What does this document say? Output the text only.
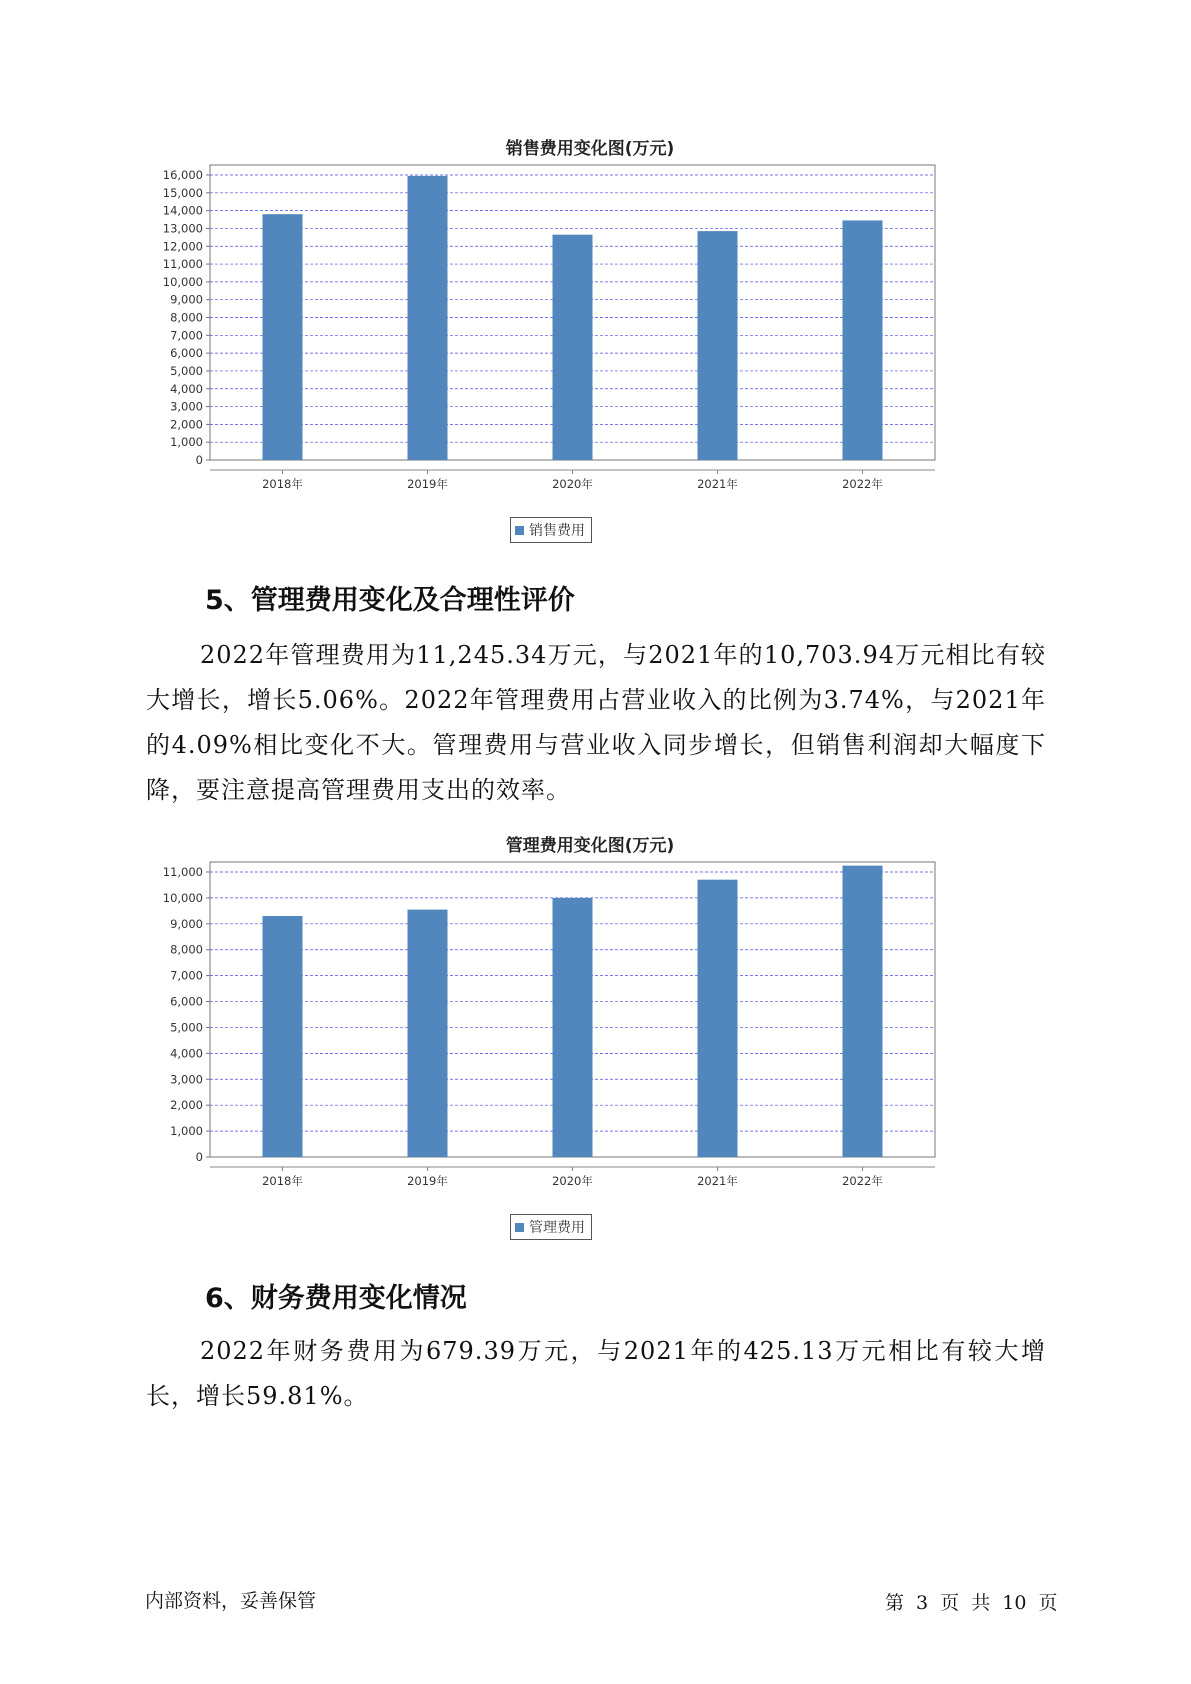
销售费用变化图(万元)
0
1,000
2,000
3,000
4,000
5,000
6,000
7,000
8,000
9,000
10,000
11,000
12,000
13,000
14,000
15,000
16,000
2018年	2019年	2020年	2021年	2022年
销售费用
5、管理费用变化及合理性评价
2022年管理费用为11,245.34万元，与2021年的10,703.94万元相比有较大增长，增长5.06%。2022年管理费用占营业收入的比例为3.74%，与2021年的4.09%相比变化不大。管理费用与营业收入同步增长，但销售利润却大幅度下降，要注意提高管理费用支出的效率。
管理费用变化图(万元)
0
1,000
2,000
3,000
4,000
5,000
6,000
7,000
8,000
9,000
10,000
11,000
2018年	2019年	2020年	2021年	2022年
管理费用
6、财务费用变化情况
2022年财务费用为679.39万元，与2021年的425.13万元相比有较大增长，增长59.81%。
内部资料，妥善保管	第 3 页 共 10 页
